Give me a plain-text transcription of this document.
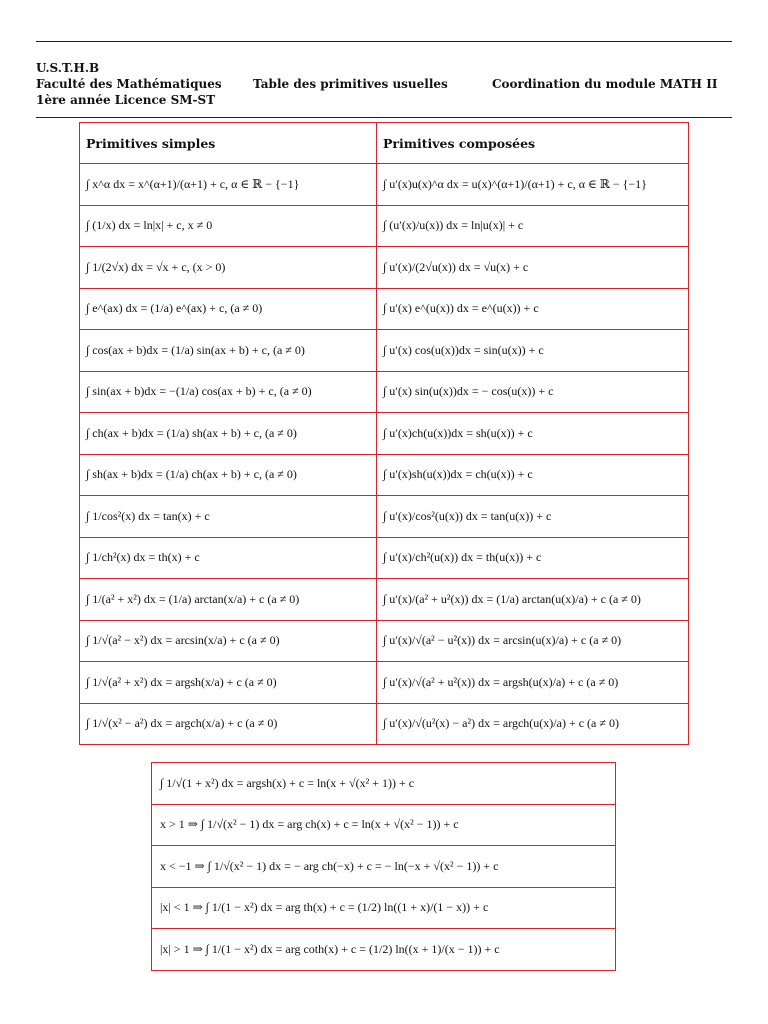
U.S.T.H.B
Faculté des Mathématiques
1ère année Licence SM-ST
Table des primitives usuelles	Coordination du module MATH II
Primitives simples	Primitives composées
∫ x^α dx = x^(α+1)/(α+1) + c, α ∈ ℝ − {−1}	∫ u′(x)u(x)^α dx = u(x)^(α+1)/(α+1) + c, α ∈ ℝ − {−1}
∫ (1/x) dx = ln|x| + c, x ≠ 0	∫ (u′(x)/u(x)) dx = ln|u(x)| + c
∫ 1/(2√x) dx = √x + c, (x > 0)	∫ u′(x)/(2√u(x)) dx = √u(x) + c
∫ e^(ax) dx = (1/a) e^(ax) + c, (a ≠ 0)	∫ u′(x) e^(u(x)) dx = e^(u(x)) + c
∫ cos(ax + b)dx = (1/a) sin(ax + b) + c, (a ≠ 0)	∫ u′(x) cos(u(x))dx = sin(u(x)) + c
∫ sin(ax + b)dx = −(1/a) cos(ax + b) + c, (a ≠ 0)	∫ u′(x) sin(u(x))dx = − cos(u(x)) + c
∫ ch(ax + b)dx = (1/a) sh(ax + b) + c, (a ≠ 0)	∫ u′(x)ch(u(x))dx = sh(u(x)) + c
∫ sh(ax + b)dx = (1/a) ch(ax + b) + c, (a ≠ 0)	∫ u′(x)sh(u(x))dx = ch(u(x)) + c
∫ 1/cos²(x) dx = tan(x) + c	∫ u′(x)/cos²(u(x)) dx = tan(u(x)) + c
∫ 1/ch²(x) dx = th(x) + c	∫ u′(x)/ch²(u(x)) dx = th(u(x)) + c
∫ 1/(a² + x²) dx = (1/a) arctan(x/a) + c (a ≠ 0)	∫ u′(x)/(a² + u²(x)) dx = (1/a) arctan(u(x)/a) + c (a ≠ 0)
∫ 1/√(a² − x²) dx = arcsin(x/a) + c (a ≠ 0)	∫ u′(x)/√(a² − u²(x)) dx = arcsin(u(x)/a) + c (a ≠ 0)
∫ 1/√(a² + x²) dx = argsh(x/a) + c (a ≠ 0)	∫ u′(x)/√(a² + u²(x)) dx = argsh(u(x)/a) + c (a ≠ 0)
∫ 1/√(x² − a²) dx = argch(x/a) + c (a ≠ 0)	∫ u′(x)/√(u²(x) − a²) dx = argch(u(x)/a) + c (a ≠ 0)
∫ 1/√(1 + x²) dx = argsh(x) + c = ln(x + √(x² + 1)) + c
x > 1 ⇒ ∫ 1/√(x² − 1) dx = arg ch(x) + c = ln(x + √(x² − 1)) + c
x < −1 ⇒ ∫ 1/√(x² − 1) dx = − arg ch(−x) + c = − ln(−x + √(x² − 1)) + c
|x| < 1 ⇒ ∫ 1/(1 − x²) dx = arg th(x) + c = (1/2) ln((1 + x)/(1 − x)) + c
|x| > 1 ⇒ ∫ 1/(1 − x²) dx = arg coth(x) + c = (1/2) ln((x + 1)/(x − 1)) + c
